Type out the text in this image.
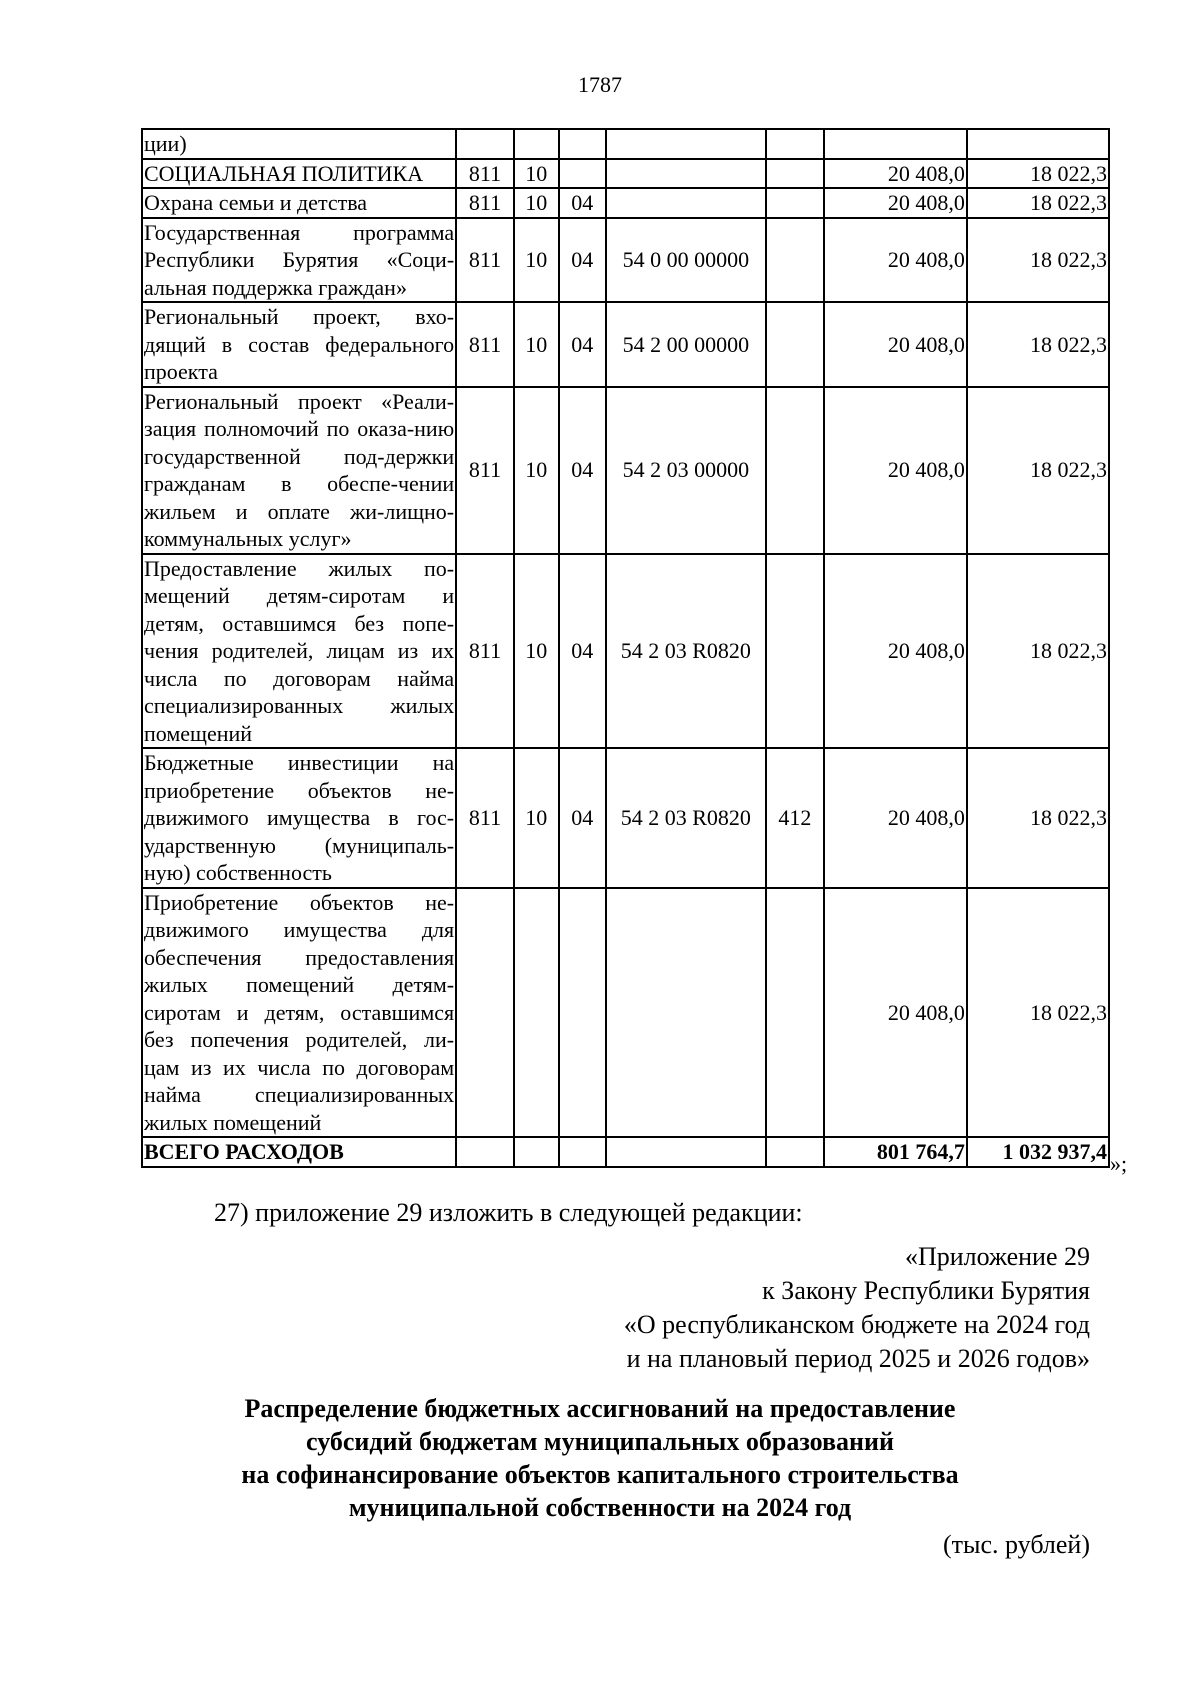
1787
ции)							
СОЦИАЛЬНАЯ ПОЛИТИКА	811	10				20 408,0	18 022,3
Охрана семьи и детства	811	10	04			20 408,0	18 022,3
Государственная программа Республики Бурятия «Соци-альная поддержка граждан»	811	10	04	54 0 00 00000		20 408,0	18 022,3
Региональный проект, вхо-дящий в состав федерального проекта	811	10	04	54 2 00 00000		20 408,0	18 022,3
Региональный проект «Реали-зация полномочий по оказа-нию государственной под-держки гражданам в обеспе-чении жильем и оплате жи-лищно-коммунальных услуг»	811	10	04	54 2 03 00000		20 408,0	18 022,3
Предоставление жилых по-мещений детям-сиротам и детям, оставшимся без попе-чения родителей, лицам из их числа по договорам найма специализированных жилых помещений	811	10	04	54 2 03 R0820		20 408,0	18 022,3
Бюджетные инвестиции на приобретение объектов не-движимого имущества в гос-ударственную (муниципаль-ную) собственность	811	10	04	54 2 03 R0820	412	20 408,0	18 022,3
Приобретение объектов не-движимого имущества для обеспечения предоставления жилых помещений детям-сиротам и детям, оставшимся без попечения родителей, ли-цам из их числа по договорам найма специализированных жилых помещений						20 408,0	18 022,3
ВСЕГО РАСХОДОВ						801 764,7	1 032 937,4 »;
27) приложение 29 изложить в следующей редакции:
«Приложение 29
к Закону Республики Бурятия
«О республиканском бюджете на 2024 год
и на плановый период 2025 и 2026 годов»
Распределение бюджетных ассигнований на предоставление
субсидий бюджетам муниципальных образований
на софинансирование объектов капитального строительства
муниципальной собственности на 2024 год
(тыс. рублей)
